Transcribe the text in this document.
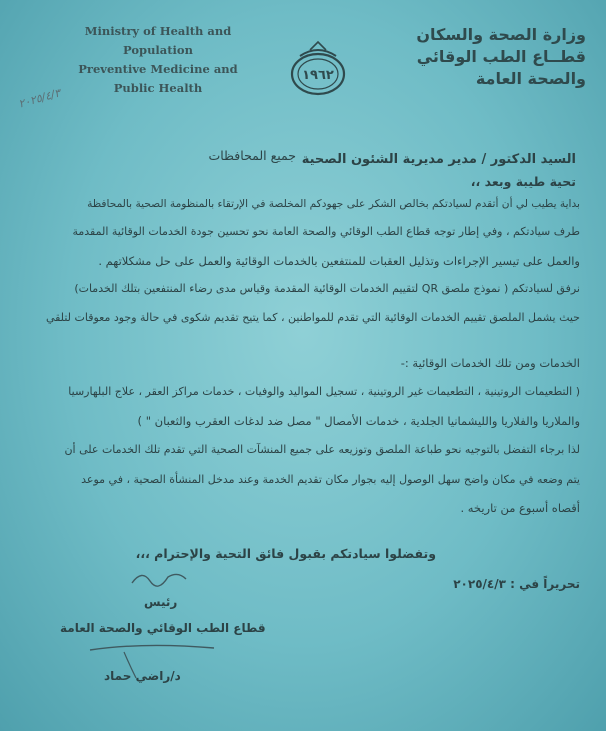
Ministry of Health and Population
Preventive Medicine and
Public Health
١٩٦٢
وزارة الصحة والسكان
قطــاع الطب الوقائي
والصحة العامة
٢٠٢٥/٤/٣
جميع المحافظات السيد الدكتور / مدير مديرية الشئون الصحية
تحية طيبة وبعد ،،
بداية يطيب لي أن أتقدم لسيادتكم بخالص الشكر على جهودكم المخلصة في الإرتقاء بالمنظومة الصحية بالمحافظة
طرف سيادتكم ، وفي إطار توجه قطاع الطب الوقائي والصحة العامة نحو تحسين جودة الخدمات الوقائية المقدمة
والعمل على تيسير الإجراءات وتذليل العقبات للمنتفعين بالخدمات الوقائية والعمل على حل مشكلاتهم .
نرفق لسيادتكم ( نموذج ملصق QR لتقييم الخدمات الوقائية المقدمة وقياس مدى رضاء المنتفعين بتلك الخدمات)
حيث يشمل الملصق تقييم الخدمات الوقائية التي تقدم للمواطنين ، كما يتيح تقديم شكوى في حالة وجود معوقات لتلقي
الخدمات ومن تلك الخدمات الوقائية :-
( التطعيمات الروتينية ، التطعيمات غير الروتينية ، تسجيل المواليد والوفيات ، خدمات مراكز العقر ، علاج البلهارسيا
والملاريا والفلاريا والليشمانيا الجلدية ، خدمات الأمصال " مصل ضد لدغات العقرب والثعبان " )
لذا برجاء التفضل بالتوجيه نحو طباعة الملصق وتوزيعه على جميع المنشآت الصحية التي تقدم تلك الخدمات على أن
يتم وضعه في مكان واضح سهل الوصول إليه بجوار مكان تقديم الخدمة وعند مدخل المنشأة الصحية ، في موعد
أقصاه أسبوع من تاريخه .
وتفضلوا سيادتكم بقبول فائق التحية والإحترام ،،،
تحريراً في : ٢٠٢٥/٤/٣
رئيس
قطاع الطب الوقائي والصحة العامة
د/راضي حماد
